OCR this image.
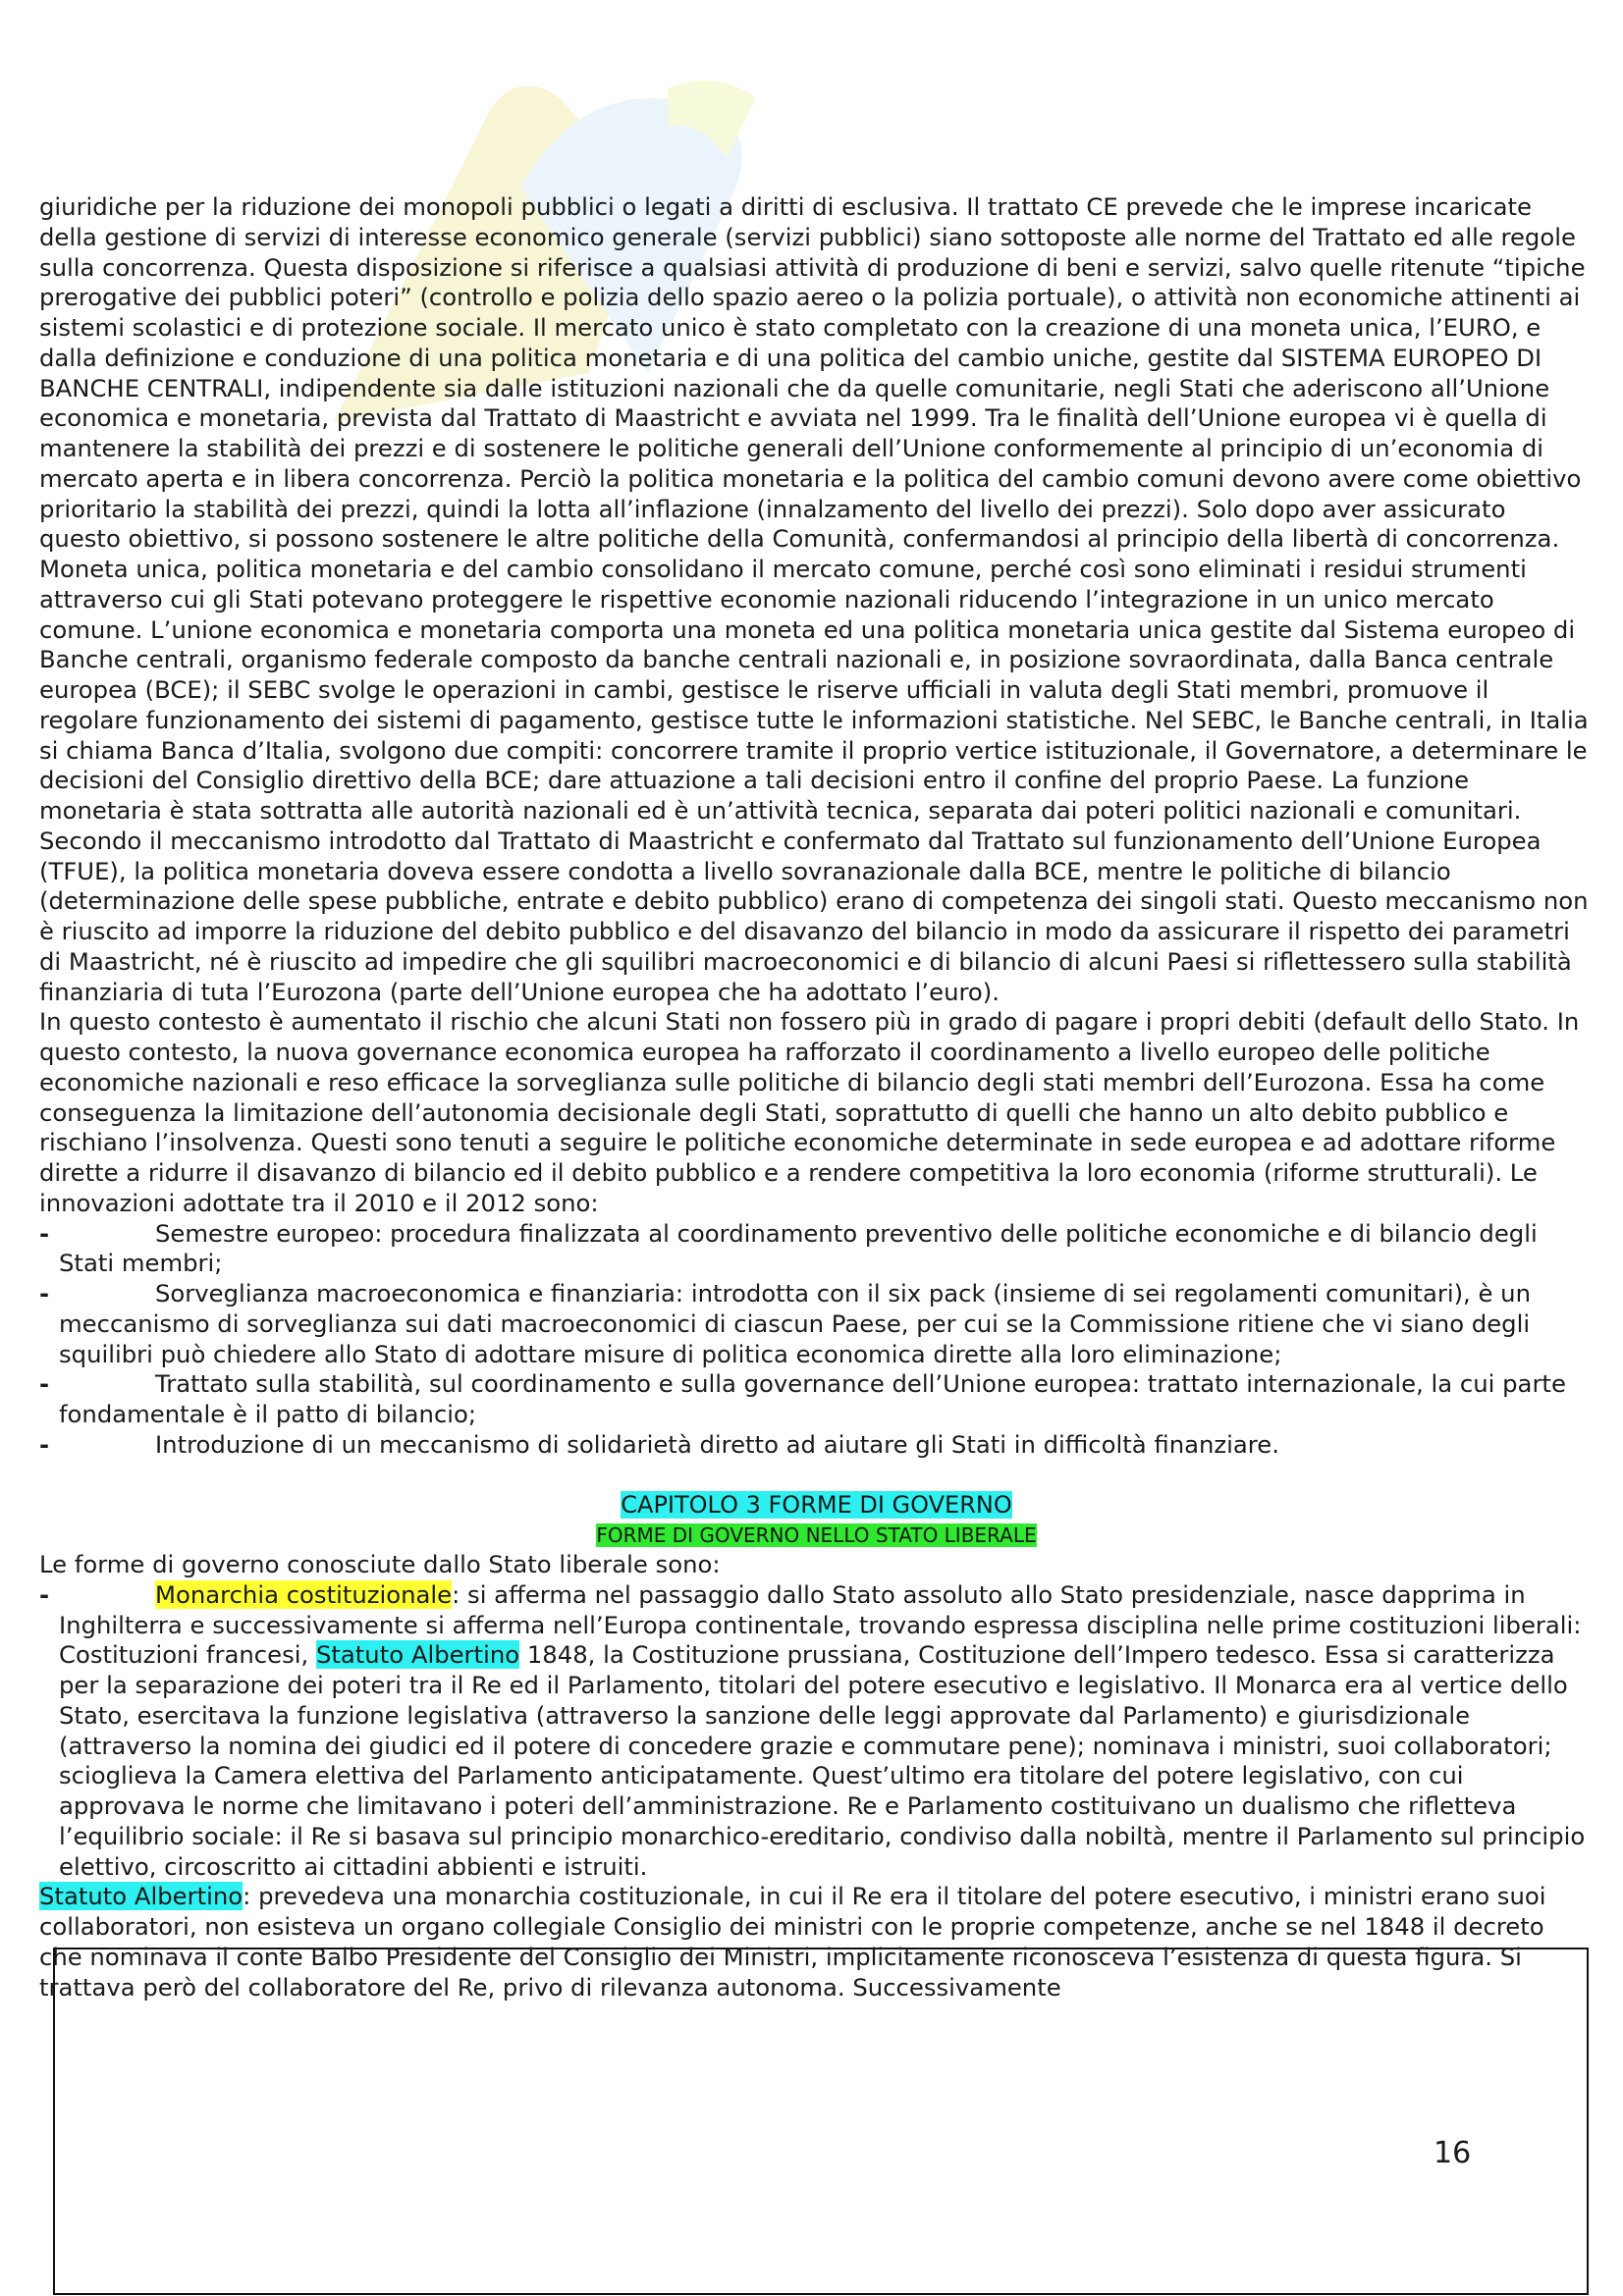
giuridiche per la riduzione dei monopoli pubblici o legati a diritti di esclusiva. Il trattato CE prevede che le imprese incaricate della gestione di servizi di interesse economico generale (servizi pubblici) siano sottoposte alle norme del Trattato ed alle regole sulla concorrenza. Questa disposizione si riferisce a qualsiasi attività di produzione di beni e servizi, salvo quelle ritenute “tipiche prerogative dei pubblici poteri” (controllo e polizia dello spazio aereo o la polizia portuale), o attività non economiche attinenti ai sistemi scolastici e di protezione sociale. Il mercato unico è stato completato con la creazione di una moneta unica, l’EURO, e dalla definizione e conduzione di una politica monetaria e di una politica del cambio uniche, gestite dal SISTEMA EUROPEO DI BANCHE CENTRALI, indipendente sia dalle istituzioni nazionali che da quelle comunitarie, negli Stati che aderiscono all’Unione economica e monetaria, prevista dal Trattato di Maastricht e avviata nel 1999. Tra le finalità dell’Unione europea vi è quella di mantenere la stabilità dei prezzi e di sostenere le politiche generali dell’Unione conformemente al principio di un’economia di mercato aperta e in libera concorrenza. Perciò la politica monetaria e la politica del cambio comuni devono avere come obiettivo prioritario la stabilità dei prezzi, quindi la lotta all’inflazione (innalzamento del livello dei prezzi). Solo dopo aver assicurato questo obiettivo, si possono sostenere le altre politiche della Comunità, confermandosi al principio della libertà di concorrenza. Moneta unica, politica monetaria e del cambio consolidano il mercato comune, perché così sono eliminati i residui strumenti attraverso cui gli Stati potevano proteggere le rispettive economie nazionali riducendo l’integrazione in un unico mercato comune. L’unione economica e monetaria comporta una moneta ed una politica monetaria unica gestite dal Sistema europeo di Banche centrali, organismo federale composto da banche centrali nazionali e, in posizione sovraordinata, dalla Banca centrale europea (BCE); il SEBC svolge le operazioni in cambi, gestisce le riserve ufficiali in valuta degli Stati membri, promuove il regolare funzionamento dei sistemi di pagamento, gestisce tutte le informazioni statistiche. Nel SEBC, le Banche centrali, in Italia si chiama Banca d’Italia, svolgono due compiti: concorrere tramite il proprio vertice istituzionale, il Governatore, a determinare le decisioni del Consiglio direttivo della BCE; dare attuazione a tali decisioni entro il confine del proprio Paese. La funzione monetaria è stata sottratta alle autorità nazionali ed è un’attività tecnica, separata dai poteri politici nazionali e comunitari.

Secondo il meccanismo introdotto dal Trattato di Maastricht e confermato dal Trattato sul funzionamento dell’Unione Europea (TFUE), la politica monetaria doveva essere condotta a livello sovranazionale dalla BCE, mentre le politiche di bilancio (determinazione delle spese pubbliche, entrate e debito pubblico) erano di competenza dei singoli stati. Questo meccanismo non è riuscito ad imporre la riduzione del debito pubblico e del disavanzo del bilancio in modo da assicurare il rispetto dei parametri di Maastricht, né è riuscito ad impedire che gli squilibri macroeconomici e di bilancio di alcuni Paesi si riflettessero sulla stabilità finanziaria di tuta l’Eurozona (parte dell’Unione europea che ha adottato l’euro).

In questo contesto è aumentato il rischio che alcuni Stati non fossero più in grado di pagare i propri debiti (default dello Stato. In questo contesto, la nuova governance economica europea ha rafforzato il coordinamento a livello europeo delle politiche economiche nazionali e reso efficace la sorveglianza sulle politiche di bilancio degli stati membri dell’Eurozona. Essa ha come conseguenza la limitazione dell’autonomia decisionale degli Stati, soprattutto di quelli che hanno un alto debito pubblico e rischiano l’insolvenza. Questi sono tenuti a seguire le politiche economiche determinate in sede europea e ad adottare riforme dirette a ridurre il disavanzo di bilancio ed il debito pubblico e a rendere competitiva la loro economia (riforme strutturali). Le innovazioni adottate tra il 2010 e il 2012 sono:

-	Semestre europeo: procedura finalizzata al coordinamento preventivo delle politiche economiche e di bilancio degli Stati membri;

-	Sorveglianza macroeconomica e finanziaria: introdotta con il six pack (insieme di sei regolamenti comunitari), è un meccanismo di sorveglianza sui dati macroeconomici di ciascun Paese, per cui se la Commissione ritiene che vi siano degli squilibri può chiedere allo Stato di adottare misure di politica economica dirette alla loro eliminazione;

-	Trattato sulla stabilità, sul coordinamento e sulla governance dell’Unione europea: trattato internazionale, la cui parte fondamentale è il patto di bilancio;

-	Introduzione di un meccanismo di solidarietà diretto ad aiutare gli Stati in difficoltà finanziare.

CAPITOLO 3 FORME DI GOVERNO
FORME DI GOVERNO NELLO STATO LIBERALE

Le forme di governo conosciute dallo Stato liberale sono:

-	Monarchia costituzionale: si afferma nel passaggio dallo Stato assoluto allo Stato presidenziale, nasce dapprima in Inghilterra e successivamente si afferma nell’Europa continentale, trovando espressa disciplina nelle prime costituzioni liberali: Costituzioni francesi, Statuto Albertino 1848, la Costituzione prussiana, Costituzione dell’Impero tedesco. Essa si caratterizza per la separazione dei poteri tra il Re ed il Parlamento, titolari del potere esecutivo e legislativo. Il Monarca era al vertice dello Stato, esercitava la funzione legislativa (attraverso la sanzione delle leggi approvate dal Parlamento) e giurisdizionale (attraverso la nomina dei giudici ed il potere di concedere grazie e commutare pene); nominava i ministri, suoi collaboratori; scioglieva la Camera elettiva del Parlamento anticipatamente. Quest’ultimo era titolare del potere legislativo, con cui approvava le norme che limitavano i poteri dell’amministrazione. Re e Parlamento costituivano un dualismo che rifletteva l’equilibrio sociale: il Re si basava sul principio monarchico-ereditario, condiviso dalla nobiltà, mentre il Parlamento sul principio elettivo, circoscritto ai cittadini abbienti e istruiti.

Statuto Albertino: prevedeva una monarchia costituzionale, in cui il Re era il titolare del potere esecutivo, i ministri erano suoi collaboratori, non esisteva un organo collegiale Consiglio dei ministri con le proprie competenze, anche se nel 1848 il decreto che nominava il conte Balbo Presidente del Consiglio dei Ministri, implicitamente riconosceva l’esistenza di questa figura. Si trattava però del collaboratore del Re, privo di rilevanza autonoma. Successivamente

16
